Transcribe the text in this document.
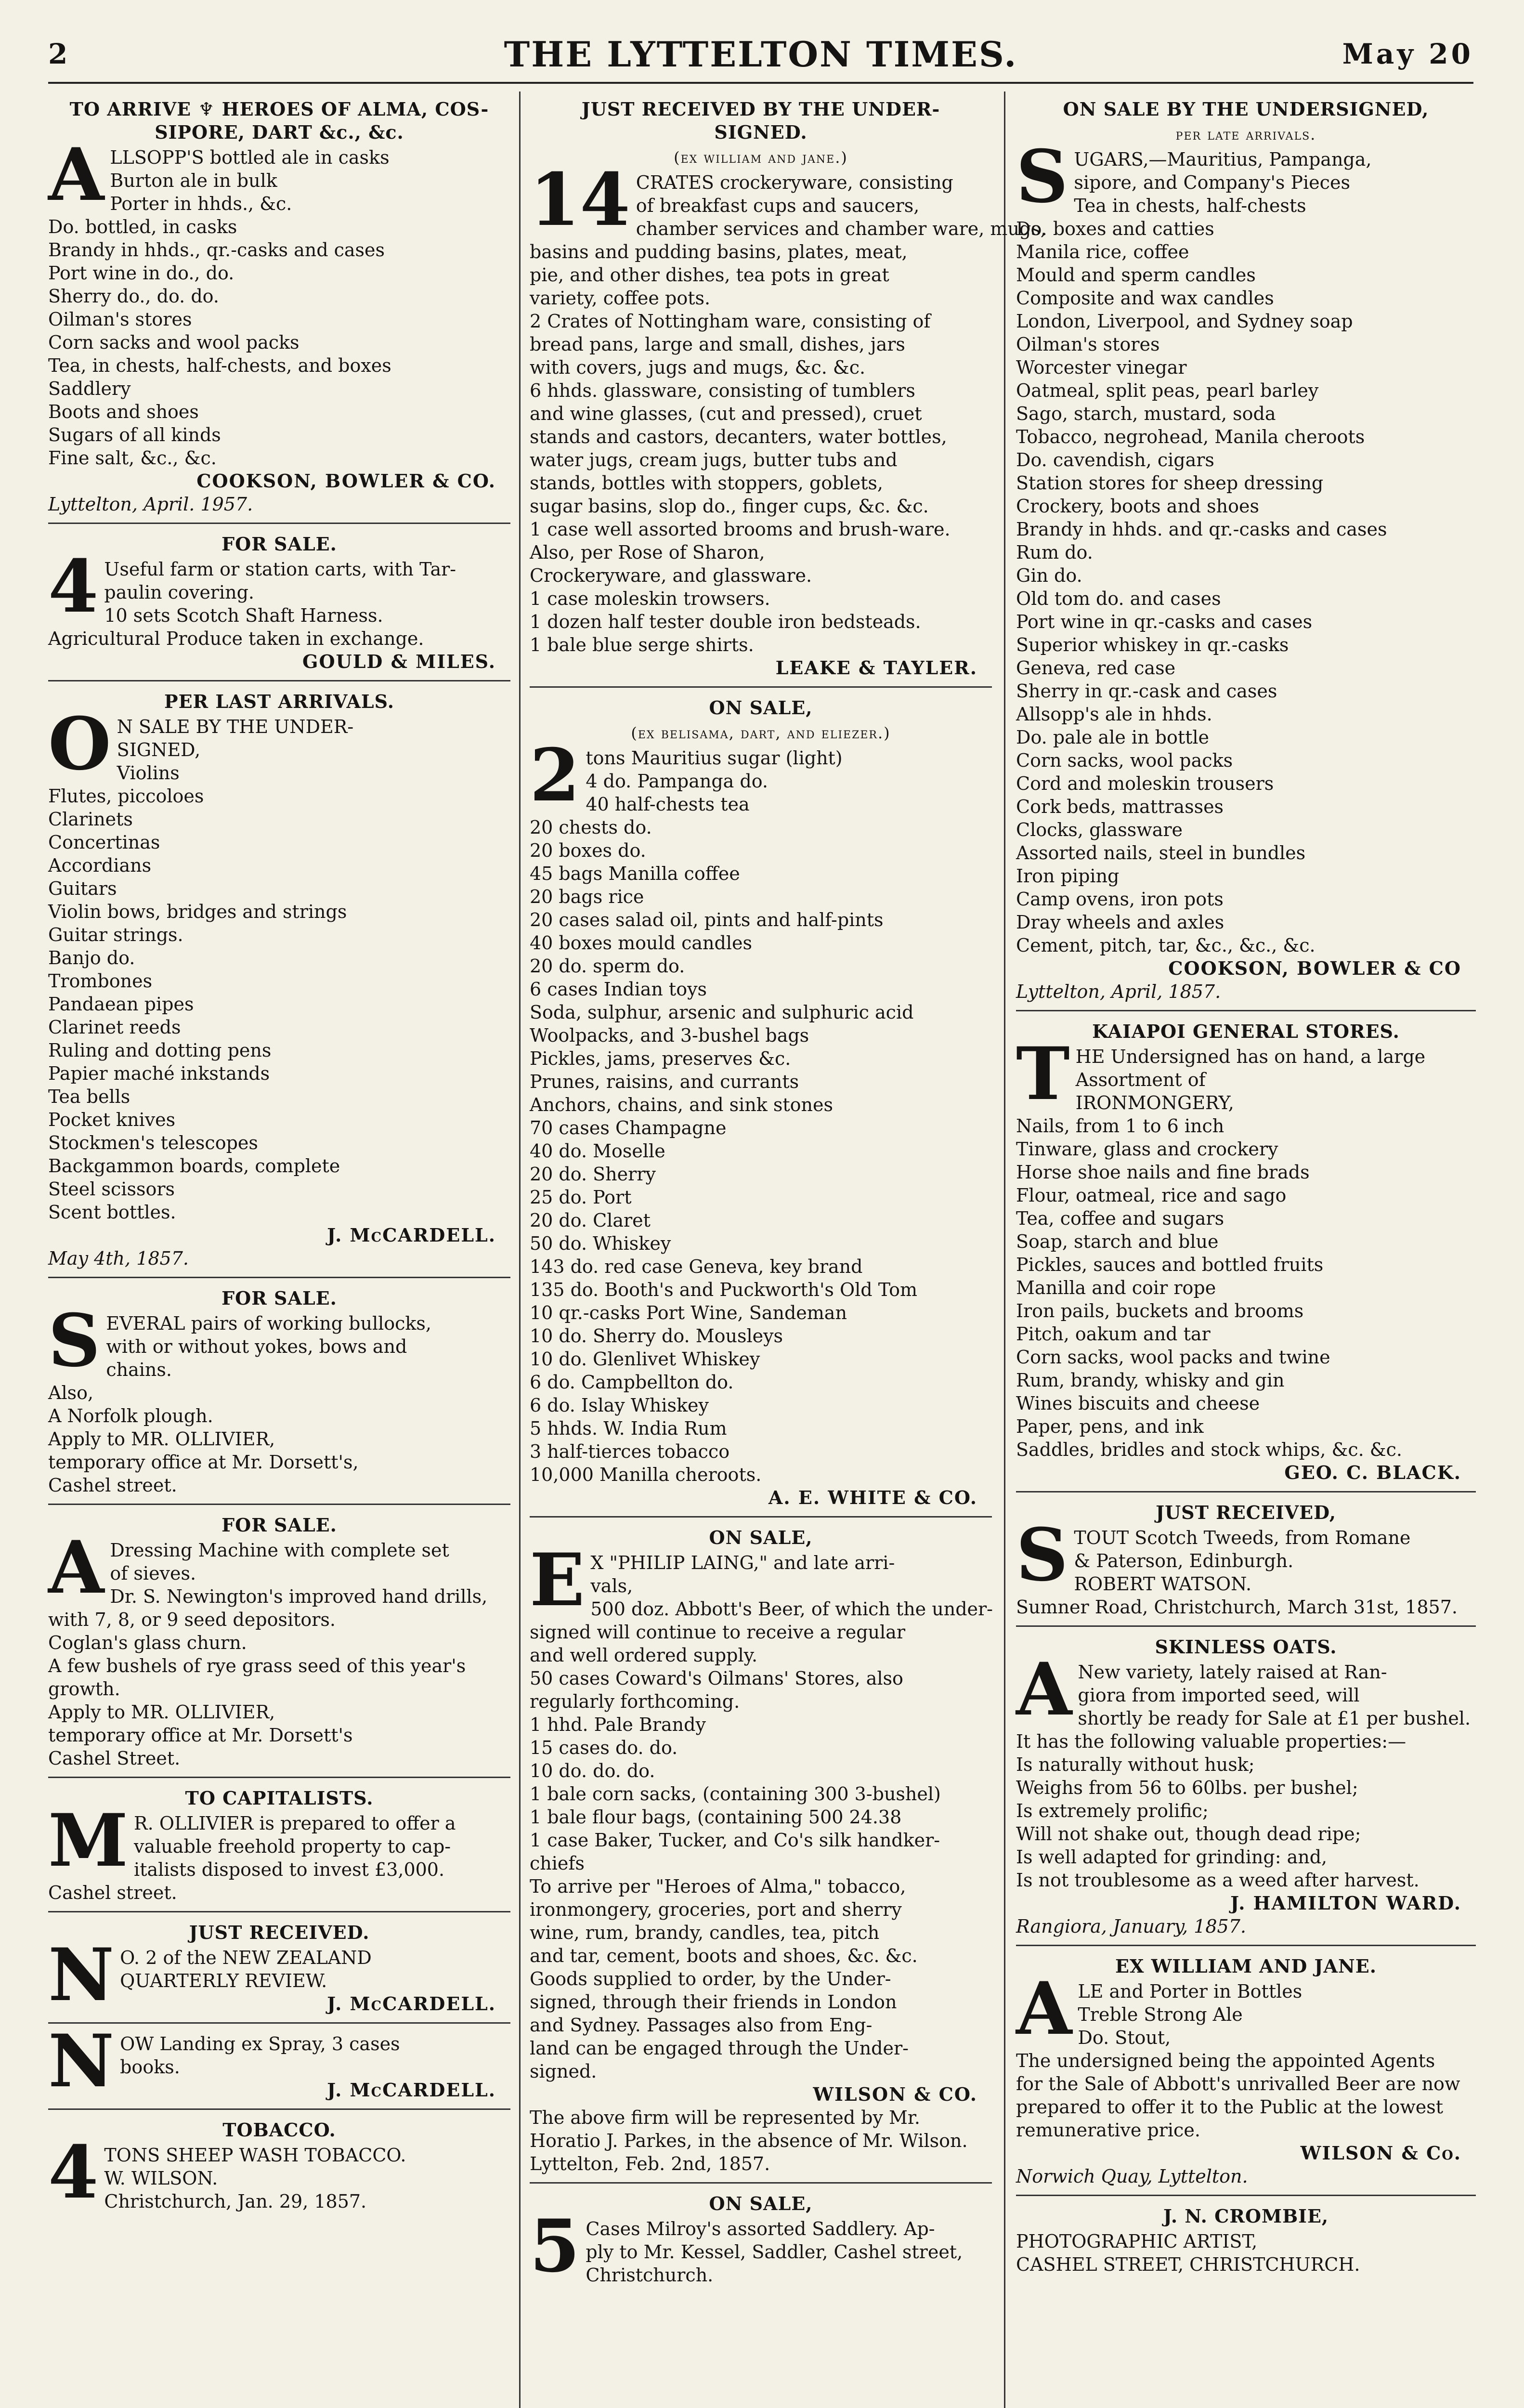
2	THE LYTTELTON TIMES.	May 20
TO ARRIVE ♆ HEROES OF ALMA, COS-
SIPORE, DART &c., &c.
A LLSOPP'S bottled ale in casks
Burton ale in bulk
Porter in hhds., &c.
Do. bottled, in casks
Brandy in hhds., qr.-casks and cases
Port wine in do., do.
Sherry do., do. do.
Oilman's stores
Corn sacks and wool packs
Tea, in chests, half-chests, and boxes
Saddlery
Boots and shoes
Sugars of all kinds
Fine salt, &c., &c.
COOKSON, BOWLER & CO.
Lyttelton, April. 1957.
FOR SALE.
4 Useful farm or station carts, with Tar-
paulin covering.
10 sets Scotch Shaft Harness.
Agricultural Produce taken in exchange.
GOULD & MILES.
PER LAST ARRIVALS.
O N SALE BY THE UNDER-
SIGNED,
Violins
Flutes, piccoloes
Clarinets
Concertinas
Accordians
Guitars
Violin bows, bridges and strings
Guitar strings.
Banjo do.
Trombones
Pandaean pipes
Clarinet reeds
Ruling and dotting pens
Papier maché inkstands
Tea bells
Pocket knives
Stockmen's telescopes
Backgammon boards, complete
Steel scissors
Scent bottles.
J. McCARDELL.
May 4th, 1857.
FOR SALE.
S EVERAL pairs of working bullocks,
with or without yokes, bows and
chains.
Also,
A Norfolk plough.
Apply to MR. OLLIVIER,
temporary office at Mr. Dorsett's,
Cashel street.
FOR SALE.
A Dressing Machine with complete set
of sieves.
Dr. S. Newington's improved hand drills,
with 7, 8, or 9 seed depositors.
Coglan's glass churn.
A few bushels of rye grass seed of this year's
growth.
Apply to MR. OLLIVIER,
temporary office at Mr. Dorsett's
Cashel Street.
TO CAPITALISTS.
M R. OLLIVIER is prepared to offer a
valuable freehold property to cap-
italists disposed to invest £3,000.
Cashel street.
JUST RECEIVED.
N O. 2 of the NEW ZEALAND
QUARTERLY REVIEW.
J. McCARDELL.
N OW Landing ex Spray, 3 cases
books.
J. McCARDELL.
TOBACCO.
4 TONS SHEEP WASH TOBACCO.
W. WILSON.
Christchurch, Jan. 29, 1857.
JUST RECEIVED BY THE UNDER-
SIGNED.
(ex william and jane.)
14 CRATES crockeryware, consisting
of breakfast cups and saucers,
chamber services and chamber ware, mugs,
basins and pudding basins, plates, meat,
pie, and other dishes, tea pots in great
variety, coffee pots.
2 Crates of Nottingham ware, consisting of
bread pans, large and small, dishes, jars
with covers, jugs and mugs, &c. &c.
6 hhds. glassware, consisting of tumblers
and wine glasses, (cut and pressed), cruet
stands and castors, decanters, water bottles,
water jugs, cream jugs, butter tubs and
stands, bottles with stoppers, goblets,
sugar basins, slop do., finger cups, &c. &c.
1 case well assorted brooms and brush-ware.
Also, per Rose of Sharon,
Crockeryware, and glassware.
1 case moleskin trowsers.
1 dozen half tester double iron bedsteads.
1 bale blue serge shirts.
LEAKE & TAYLER.
ON SALE,
(ex belisama, dart, and eliezer.)
2 tons Mauritius sugar (light)
4 do. Pampanga do.
40 half-chests tea
20 chests do.
20 boxes do.
45 bags Manilla coffee
20 bags rice
20 cases salad oil, pints and half-pints
40 boxes mould candles
20 do. sperm do.
6 cases Indian toys
Soda, sulphur, arsenic and sulphuric acid
Woolpacks, and 3-bushel bags
Pickles, jams, preserves &c.
Prunes, raisins, and currants
Anchors, chains, and sink stones
70 cases Champagne
40 do. Moselle
20 do. Sherry
25 do. Port
20 do. Claret
50 do. Whiskey
143 do. red case Geneva, key brand
135 do. Booth's and Puckworth's Old Tom
10 qr.-casks Port Wine, Sandeman
10 do. Sherry do. Mousleys
10 do. Glenlivet Whiskey
6 do. Campbellton do.
6 do. Islay Whiskey
5 hhds. W. India Rum
3 half-tierces tobacco
10,000 Manilla cheroots.
A. E. WHITE & CO.
ON SALE,
E X "PHILIP LAING," and late arri-
vals,
500 doz. Abbott's Beer, of which the under-
signed will continue to receive a regular
and well ordered supply.
50 cases Coward's Oilmans' Stores, also
regularly forthcoming.
1 hhd. Pale Brandy
15 cases do. do.
10 do. do. do.
1 bale corn sacks, (containing 300 3-bushel)
1 bale flour bags, (containing 500 24.38
1 case Baker, Tucker, and Co's silk handker-
chiefs
To arrive per "Heroes of Alma," tobacco,
ironmongery, groceries, port and sherry
wine, rum, brandy, candles, tea, pitch
and tar, cement, boots and shoes, &c. &c.
Goods supplied to order, by the Under-
signed, through their friends in London
and Sydney. Passages also from Eng-
land can be engaged through the Under-
signed.
WILSON & CO.
The above firm will be represented by Mr.
Horatio J. Parkes, in the absence of Mr. Wilson.
Lyttelton, Feb. 2nd, 1857.
ON SALE,
5 Cases Milroy's assorted Saddlery. Ap-
ply to Mr. Kessel, Saddler, Cashel street,
Christchurch.
ON SALE BY THE UNDERSIGNED,
per late arrivals.
S UGARS,—Mauritius, Pampanga,
sipore, and Company's Pieces
Tea in chests, half-chests
Do. boxes and catties
Manila rice, coffee
Mould and sperm candles
Composite and wax candles
London, Liverpool, and Sydney soap
Oilman's stores
Worcester vinegar
Oatmeal, split peas, pearl barley
Sago, starch, mustard, soda
Tobacco, negrohead, Manila cheroots
Do. cavendish, cigars
Station stores for sheep dressing
Crockery, boots and shoes
Brandy in hhds. and qr.-casks and cases
Rum do.
Gin do.
Old tom do. and cases
Port wine in qr.-casks and cases
Superior whiskey in qr.-casks
Geneva, red case
Sherry in qr.-cask and cases
Allsopp's ale in hhds.
Do. pale ale in bottle
Corn sacks, wool packs
Cord and moleskin trousers
Cork beds, mattrasses
Clocks, glassware
Assorted nails, steel in bundles
Iron piping
Camp ovens, iron pots
Dray wheels and axles
Cement, pitch, tar, &c., &c., &c.
COOKSON, BOWLER & CO
Lyttelton, April, 1857.
KAIAPOI GENERAL STORES.
T HE Undersigned has on hand, a large
Assortment of
IRONMONGERY,
Nails, from 1 to 6 inch
Tinware, glass and crockery
Horse shoe nails and fine brads
Flour, oatmeal, rice and sago
Tea, coffee and sugars
Soap, starch and blue
Pickles, sauces and bottled fruits
Manilla and coir rope
Iron pails, buckets and brooms
Pitch, oakum and tar
Corn sacks, wool packs and twine
Rum, brandy, whisky and gin
Wines biscuits and cheese
Paper, pens, and ink
Saddles, bridles and stock whips, &c. &c.
GEO. C. BLACK.
JUST RECEIVED,
S TOUT Scotch Tweeds, from Romane
& Paterson, Edinburgh.
ROBERT WATSON.
Sumner Road, Christchurch, March 31st, 1857.
SKINLESS OATS.
A New variety, lately raised at Ran-
giora from imported seed, will
shortly be ready for Sale at £1 per bushel.
It has the following valuable properties:—
Is naturally without husk;
Weighs from 56 to 60lbs. per bushel;
Is extremely prolific;
Will not shake out, though dead ripe;
Is well adapted for grinding: and,
Is not troublesome as a weed after harvest.
J. HAMILTON WARD.
Rangiora, January, 1857.
EX WILLIAM AND JANE.
A LE and Porter in Bottles
Treble Strong Ale
Do. Stout,
The undersigned being the appointed Agents
for the Sale of Abbott's unrivalled Beer are now
prepared to offer it to the Public at the lowest
remunerative price.
WILSON & Co.
Norwich Quay, Lyttelton.
J. N. CROMBIE,
PHOTOGRAPHIC ARTIST,
CASHEL STREET, CHRISTCHURCH.
